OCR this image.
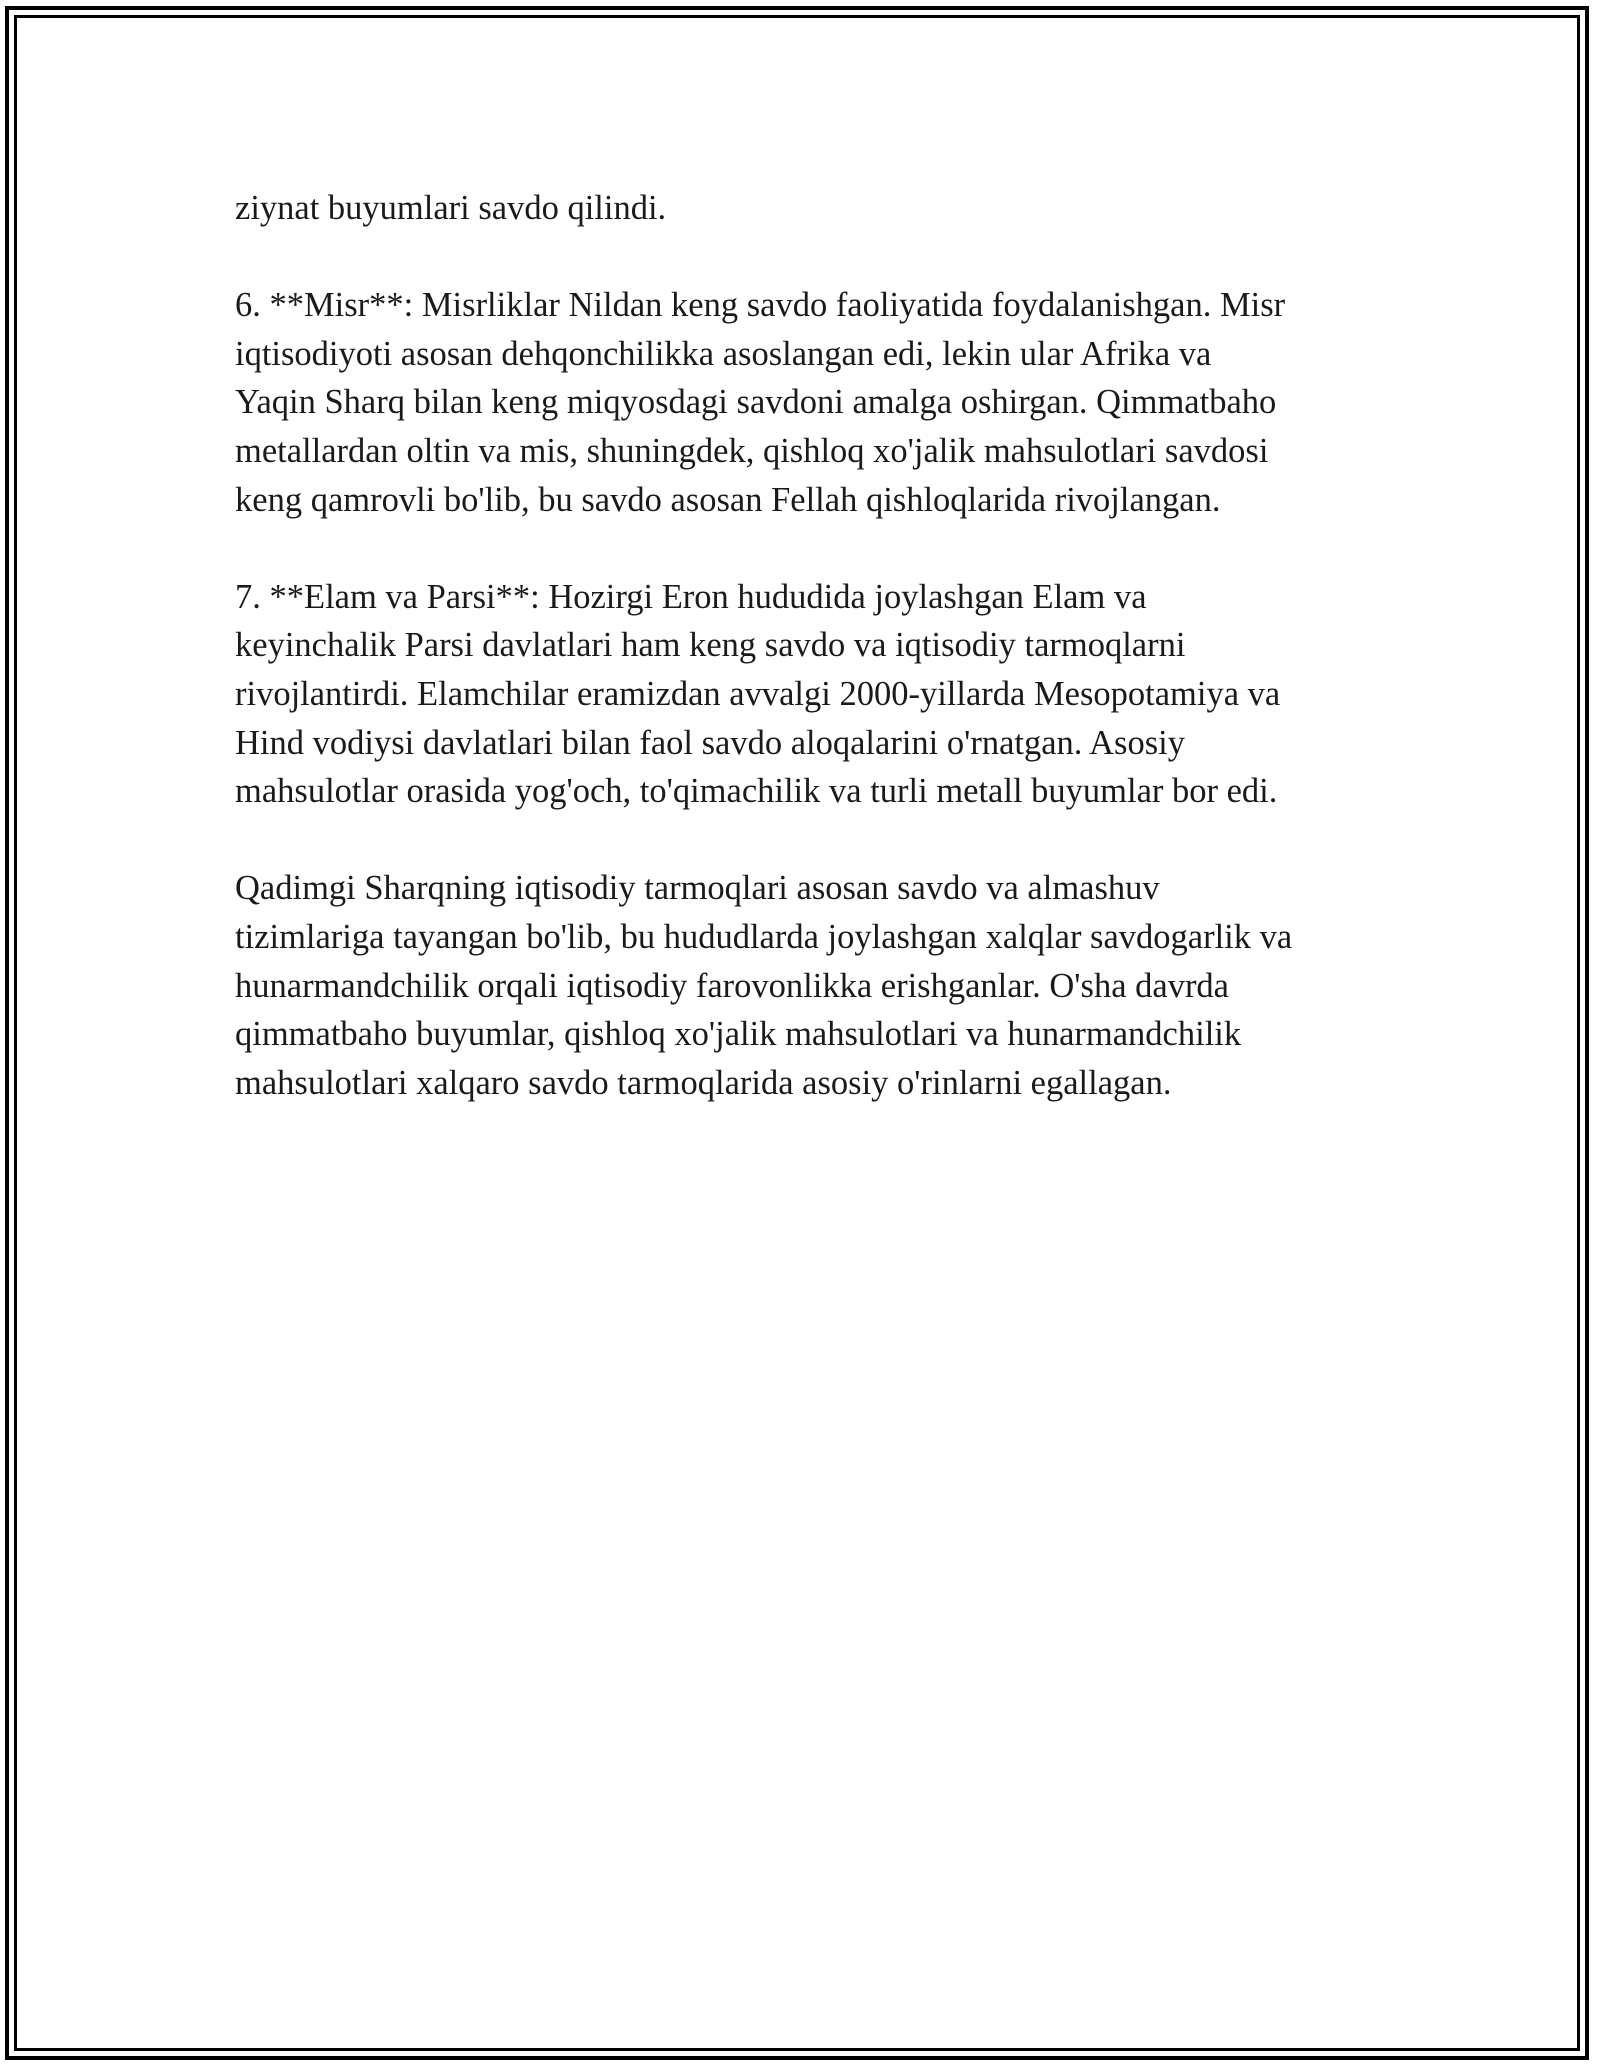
ziynat buyumlari savdo qilindi.

6. **Misr**: Misrliklar Nildan keng savdo faoliyatida foydalanishgan. Misr
iqtisodiyoti asosan dehqonchilikka asoslangan edi, lekin ular Afrika va
Yaqin Sharq bilan keng miqyosdagi savdoni amalga oshirgan. Qimmatbaho
metallardan oltin va mis, shuningdek, qishloq xo'jalik mahsulotlari savdosi
keng qamrovli bo'lib, bu savdo asosan Fellah qishloqlarida rivojlangan.

7. **Elam va Parsi**: Hozirgi Eron hududida joylashgan Elam va
keyinchalik Parsi davlatlari ham keng savdo va iqtisodiy tarmoqlarni
rivojlantirdi. Elamchilar eramizdan avvalgi 2000-yillarda Mesopotamiya va
Hind vodiysi davlatlari bilan faol savdo aloqalarini o'rnatgan. Asosiy
mahsulotlar orasida yog'och, to'qimachilik va turli metall buyumlar bor edi.

Qadimgi Sharqning iqtisodiy tarmoqlari asosan savdo va almashuv
tizimlariga tayangan bo'lib, bu hududlarda joylashgan xalqlar savdogarlik va
hunarmandchilik orqali iqtisodiy farovonlikka erishganlar. O'sha davrda
qimmatbaho buyumlar, qishloq xo'jalik mahsulotlari va hunarmandchilik
mahsulotlari xalqaro savdo tarmoqlarida asosiy o'rinlarni egallagan.
